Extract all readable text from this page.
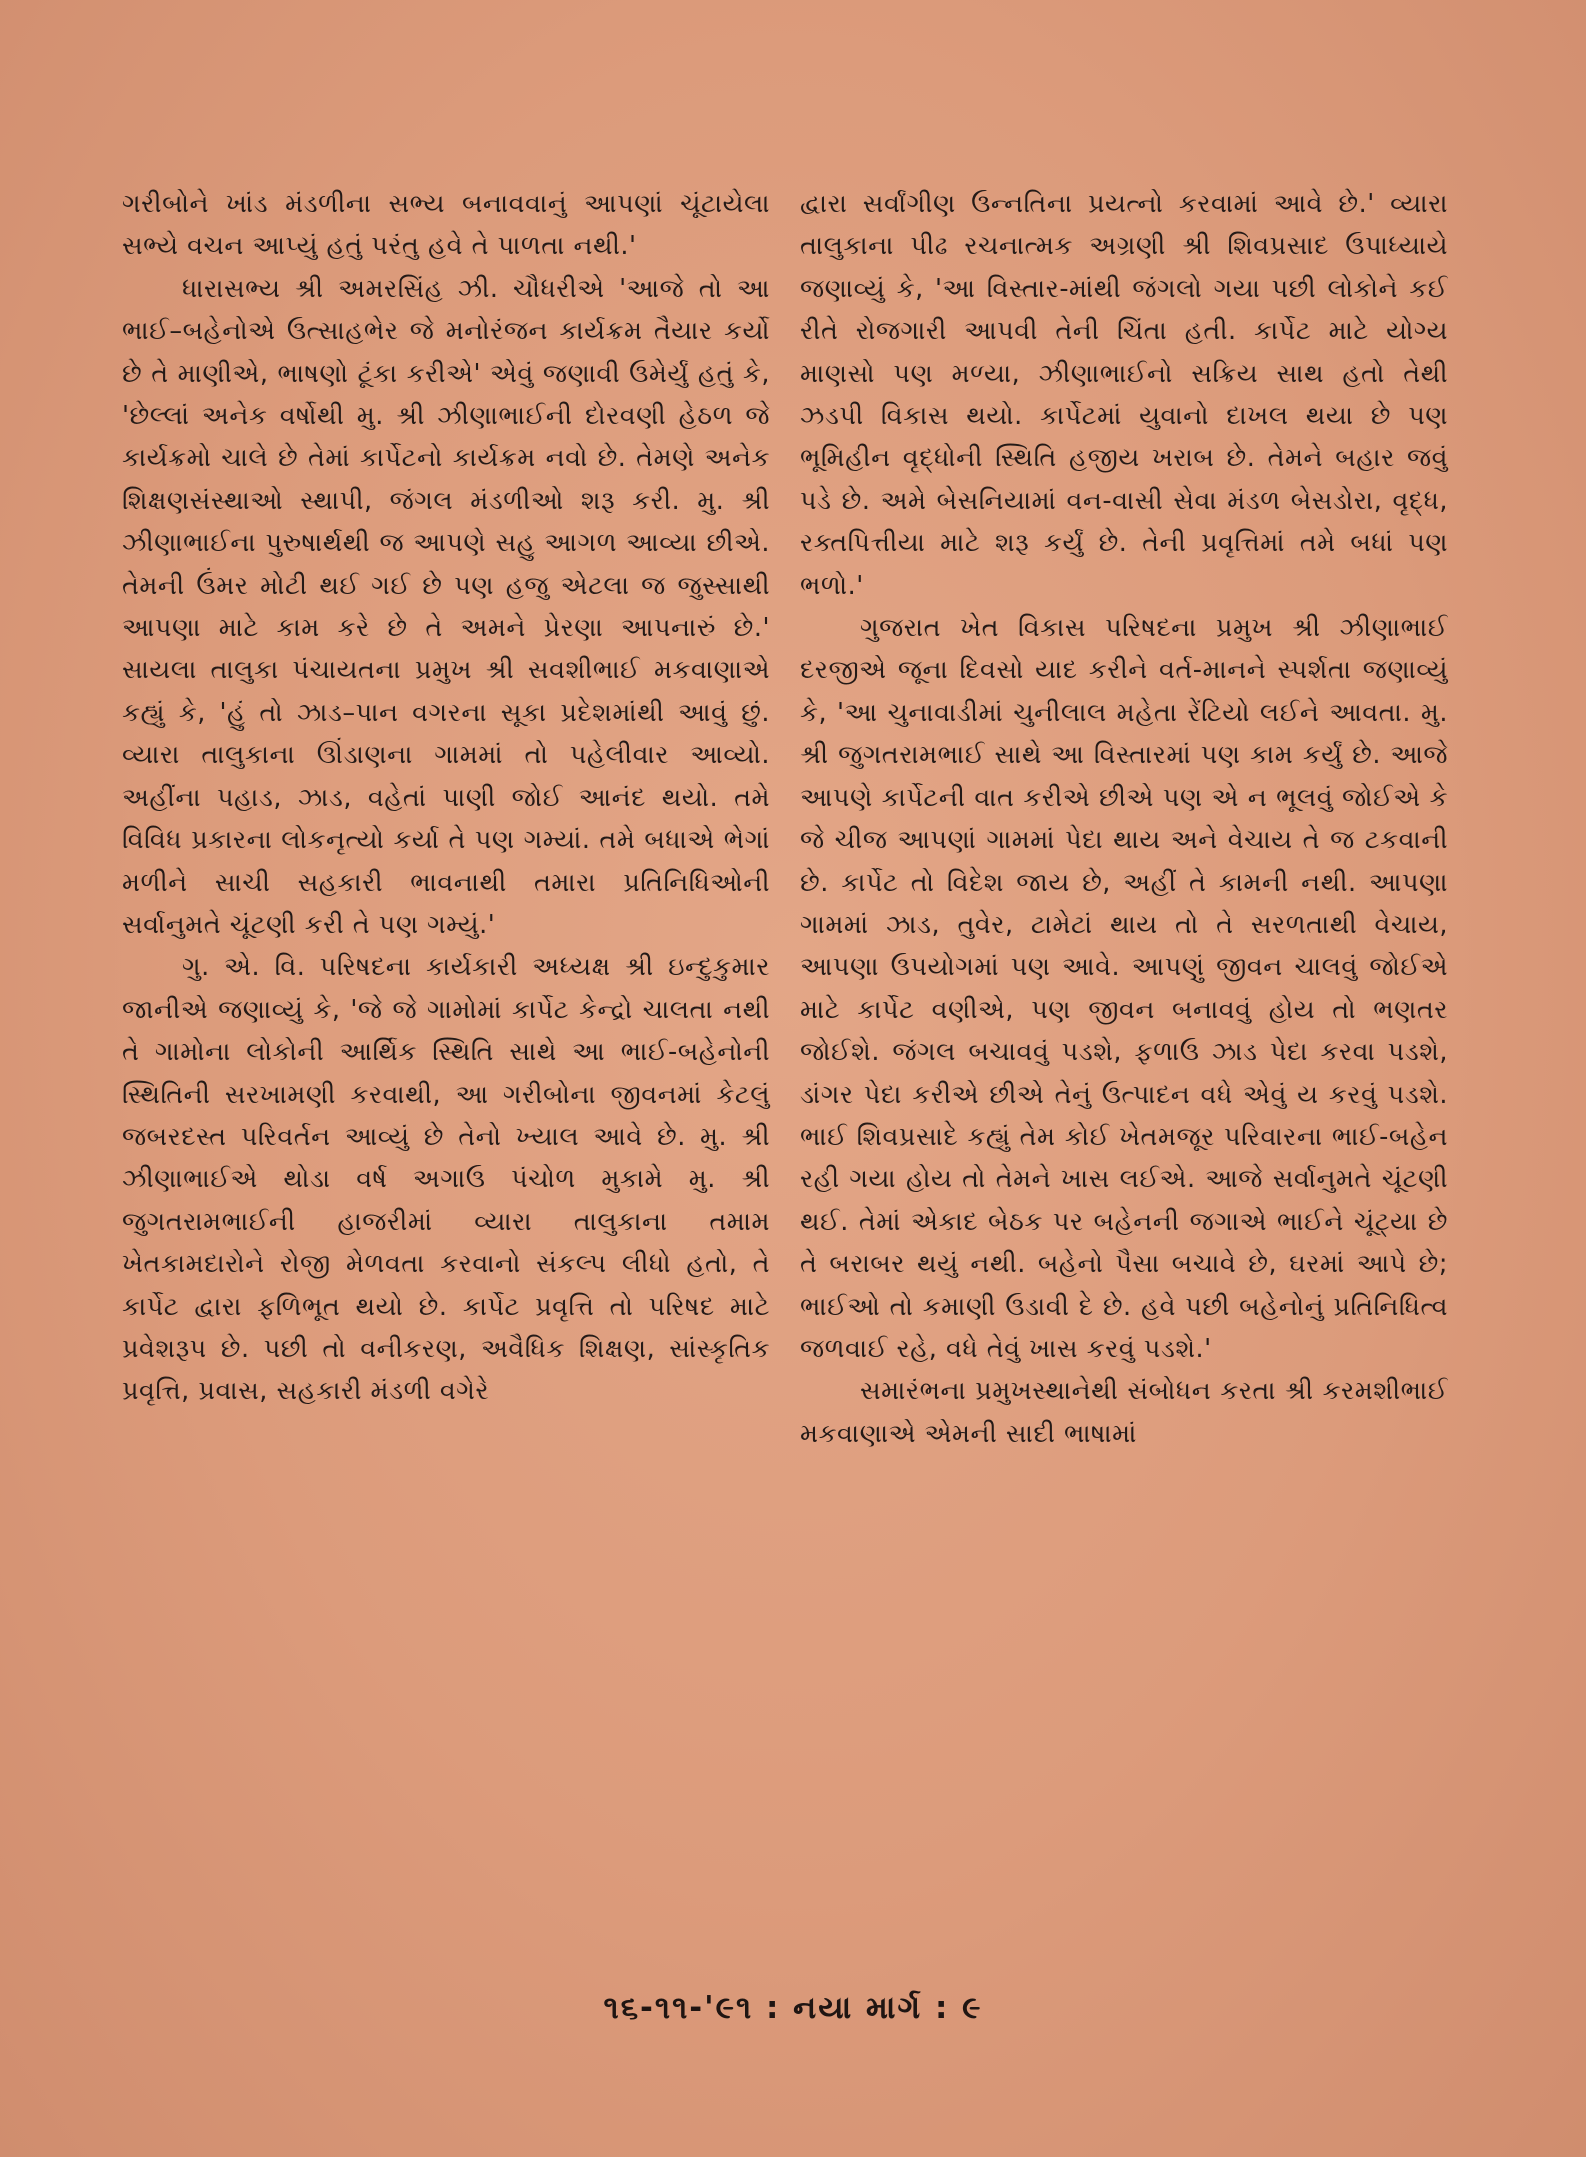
ગરીબોને ખાંડ મંડળીના સભ્ય બનાવવાનું આપણાં ચૂંટાયેલા સભ્યે વચન આપ્યું હતું પરંતુ હવે તે પાળતા નથી.'

ધારાસભ્ય શ્રી અમરસિંહ ઝી. ચૌધરીએ 'આજે તો આ ભાઈ–બહેનોએ ઉત્સાહભેર જે મનોરંજન કાર્યક્રમ તૈયાર કર્યો છે તે માણીએ, ભાષણો ટૂંકા કરીએ' એવું જણાવી ઉમેર્યું હતું કે, 'છેલ્લાં અનેક વર્ષોથી મુ. શ્રી ઝીણાભાઈની દોરવણી હેઠળ જે કાર્યક્રમો ચાલે છે તેમાં કાર્પેટનો કાર્યક્રમ નવો છે. તેમણે અનેક શિક્ષણસંસ્થાઓ સ્થાપી, જંગલ મંડળીઓ શરૂ કરી. મુ. શ્રી ઝીણાભાઈના પુરુષાર્થથી જ આપણે સહુ આગળ આવ્યા છીએ. તેમની ઉંમર મોટી થઈ ગઈ છે પણ હજુ એટલા જ જુસ્સાથી આપણા માટે કામ કરે છે તે અમને પ્રેરણા આપનારું છે.' સાયલા તાલુકા પંચાયતના પ્રમુખ શ્રી સવશીભાઈ મકવાણાએ કહ્યું કે, 'હું તો ઝાડ–પાન વગરના સૂકા પ્રદેશમાંથી આવું છું. વ્યારા તાલુકાના ઊંડાણના ગામમાં તો પહેલીવાર આવ્યો. અહીંના પહાડ, ઝાડ, વહેતાં પાણી જોઈ આનંદ થયો. તમે વિવિધ પ્રકારના લોકનૃત્યો કર્યા તે પણ ગમ્યાં. તમે બધાએ ભેગાં મળીને સાચી સહકારી ભાવનાથી તમારા પ્રતિનિધિઓની સર્વાનુમતે ચૂંટણી કરી તે પણ ગમ્યું.'

ગુ. એ. વિ. પરિષદના કાર્યકારી અધ્યક્ષ શ્રી ઇન્દુકુમાર જાનીએ જણાવ્યું કે, 'જે જે ગામોમાં કાર્પેટ કેન્દ્રો ચાલતા નથી તે ગામોના લોકોની આર્થિક સ્થિતિ સાથે આ ભાઈ-બહેનોની સ્થિતિની સરખામણી કરવાથી, આ ગરીબોના જીવનમાં કેટલું જબરદસ્ત પરિવર્તન આવ્યું છે તેનો ખ્યાલ આવે છે. મુ. શ્રી ઝીણાભાઈએ થોડા વર્ષ અગાઉ પંચોળ મુકામે મુ. શ્રી જુગતરામભાઈની હાજરીમાં વ્યારા તાલુકાના તમામ ખેતકામદારોને રોજી મેળવતા કરવાનો સંકલ્પ લીધો હતો, તે કાર્પેટ દ્વારા ફળિભૂત થયો છે. કાર્પેટ પ્રવૃત્તિ તો પરિષદ માટે પ્રવેશરૂપ છે. પછી તો વનીકરણ, અવૈધિક શિક્ષણ, સાંસ્કૃતિક પ્રવૃત્તિ, પ્રવાસ, સહકારી મંડળી વગેરે

દ્વારા સર્વાંગીણ ઉન્નતિના પ્રયત્નો કરવામાં આવે છે.' વ્યારા તાલુકાના પીઢ રચનાત્મક અગ્રણી શ્રી શિવપ્રસાદ ઉપાધ્યાયે જણાવ્યું કે, 'આ વિસ્તાર-માંથી જંગલો ગયા પછી લોકોને કઈ રીતે રોજગારી આપવી તેની ચિંતા હતી. કાર્પેટ માટે યોગ્ય માણસો પણ મળ્યા, ઝીણાભાઈનો સક્રિય સાથ હતો તેથી ઝડપી વિકાસ થયો. કાર્પેટમાં યુવાનો દાખલ થયા છે પણ ભૂમિહીન વૃદ્ધોની સ્થિતિ હજીય ખરાબ છે. તેમને બહાર જવું પડે છે. અમે બેસનિયામાં વન-વાસી સેવા મંડળ બેસડોરા, વૃદ્ધ, રક્તપિત્તીયા માટે શરૂ કર્યું છે. તેની પ્રવૃત્તિમાં તમે બધાં પણ ભળો.'

ગુજરાત ખેત વિકાસ પરિષદના પ્રમુખ શ્રી ઝીણાભાઈ દરજીએ જૂના દિવસો યાદ કરીને વર્ત-માનને સ્પર્શતા જણાવ્યું કે, 'આ ચુનાવાડીમાં ચુનીલાલ મહેતા રેંટિયો લઈને આવતા. મુ. શ્રી જુગતરામભાઈ સાથે આ વિસ્તારમાં પણ કામ કર્યું છે. આજે આપણે કાર્પેટની વાત કરીએ છીએ પણ એ ન ભૂલવું જોઈએ કે જે ચીજ આપણાં ગામમાં પેદા થાય અને વેચાય તે જ ટકવાની છે. કાર્પેટ તો વિદેશ જાય છે, અહીં તે કામની નથી. આપણા ગામમાં ઝાડ, તુવેર, ટામેટાં થાય તો તે સરળતાથી વેચાય, આપણા ઉપયોગમાં પણ આવે. આપણું જીવન ચાલવું જોઈએ માટે કાર્પેટ વણીએ, પણ જીવન બનાવવું હોય તો ભણતર જોઈશે. જંગલ બચાવવું પડશે, ફળાઉ ઝાડ પેદા કરવા પડશે, ડાંગર પેદા કરીએ છીએ તેનું ઉત્પાદન વધે એવું ય કરવું પડશે. ભાઈ શિવપ્રસાદે કહ્યું તેમ કોઈ ખેતમજૂર પરિવારના ભાઈ-બહેન રહી ગયા હોય તો તેમને ખાસ લઈએ. આજે સર્વાનુમતે ચૂંટણી થઈ. તેમાં એકાદ બેઠક પર બહેનની જગાએ ભાઈને ચૂંટ્યા છે તે બરાબર થયું નથી. બહેનો પૈસા બચાવે છે, ઘરમાં આપે છે; ભાઈઓ તો કમાણી ઉડાવી દે છે. હવે પછી બહેનોનું પ્રતિનિધિત્વ જળવાઈ રહે, વધે તેવું ખાસ કરવું પડશે.'

સમારંભના પ્રમુખસ્થાનેથી સંબોધન કરતા શ્રી કરમશીભાઈ મકવાણાએ એમની સાદી ભાષામાં

૧૬-૧૧-'૯૧ : નયા માર્ગ : ૯
